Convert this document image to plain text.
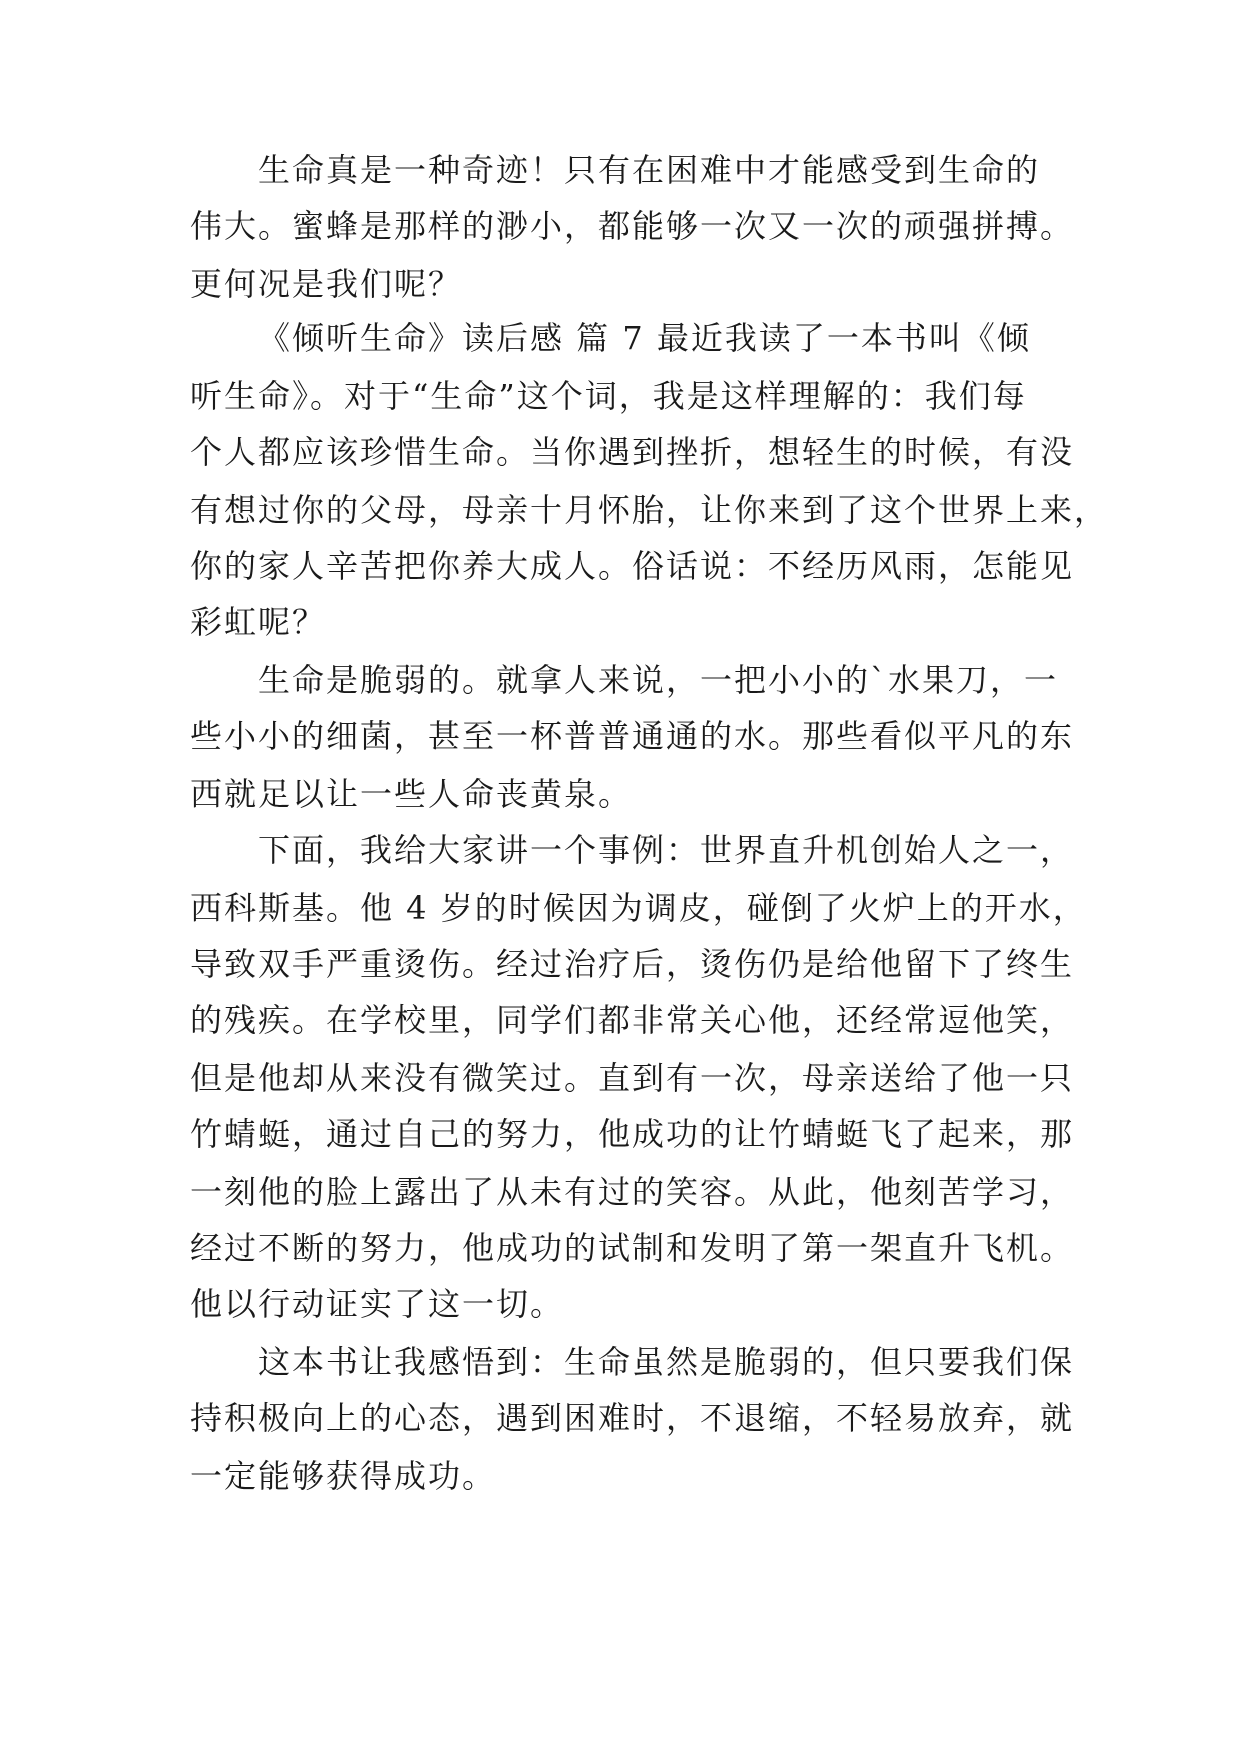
生命真是一种奇迹！只有在困难中才能感受到生命的
伟大。蜜蜂是那样的渺小，都能够一次又一次的顽强拼搏。
更何况是我们呢？
《倾听生命》读后感 篇 7 最近我读了一本书叫《倾
听生命》。对于“生命”这个词，我是这样理解的：我们每
个人都应该珍惜生命。当你遇到挫折，想轻生的时候，有没
有想过你的父母，母亲十月怀胎，让你来到了这个世界上来，
你的家人辛苦把你养大成人。俗话说：不经历风雨，怎能见
彩虹呢？
生命是脆弱的。就拿人来说，一把小小的`水果刀，一
些小小的细菌，甚至一杯普普通通的水。那些看似平凡的东
西就足以让一些人命丧黄泉。
下面，我给大家讲一个事例：世界直升机创始人之一，
西科斯基。他 4 岁的时候因为调皮，碰倒了火炉上的开水，
导致双手严重烫伤。经过治疗后，烫伤仍是给他留下了终生
的残疾。在学校里，同学们都非常关心他，还经常逗他笑，
但是他却从来没有微笑过。直到有一次，母亲送给了他一只
竹蜻蜓，通过自己的努力，他成功的让竹蜻蜓飞了起来，那
一刻他的脸上露出了从未有过的笑容。从此，他刻苦学习，
经过不断的努力，他成功的试制和发明了第一架直升飞机。
他以行动证实了这一切。
这本书让我感悟到：生命虽然是脆弱的，但只要我们保
持积极向上的心态，遇到困难时，不退缩，不轻易放弃，就
一定能够获得成功。
